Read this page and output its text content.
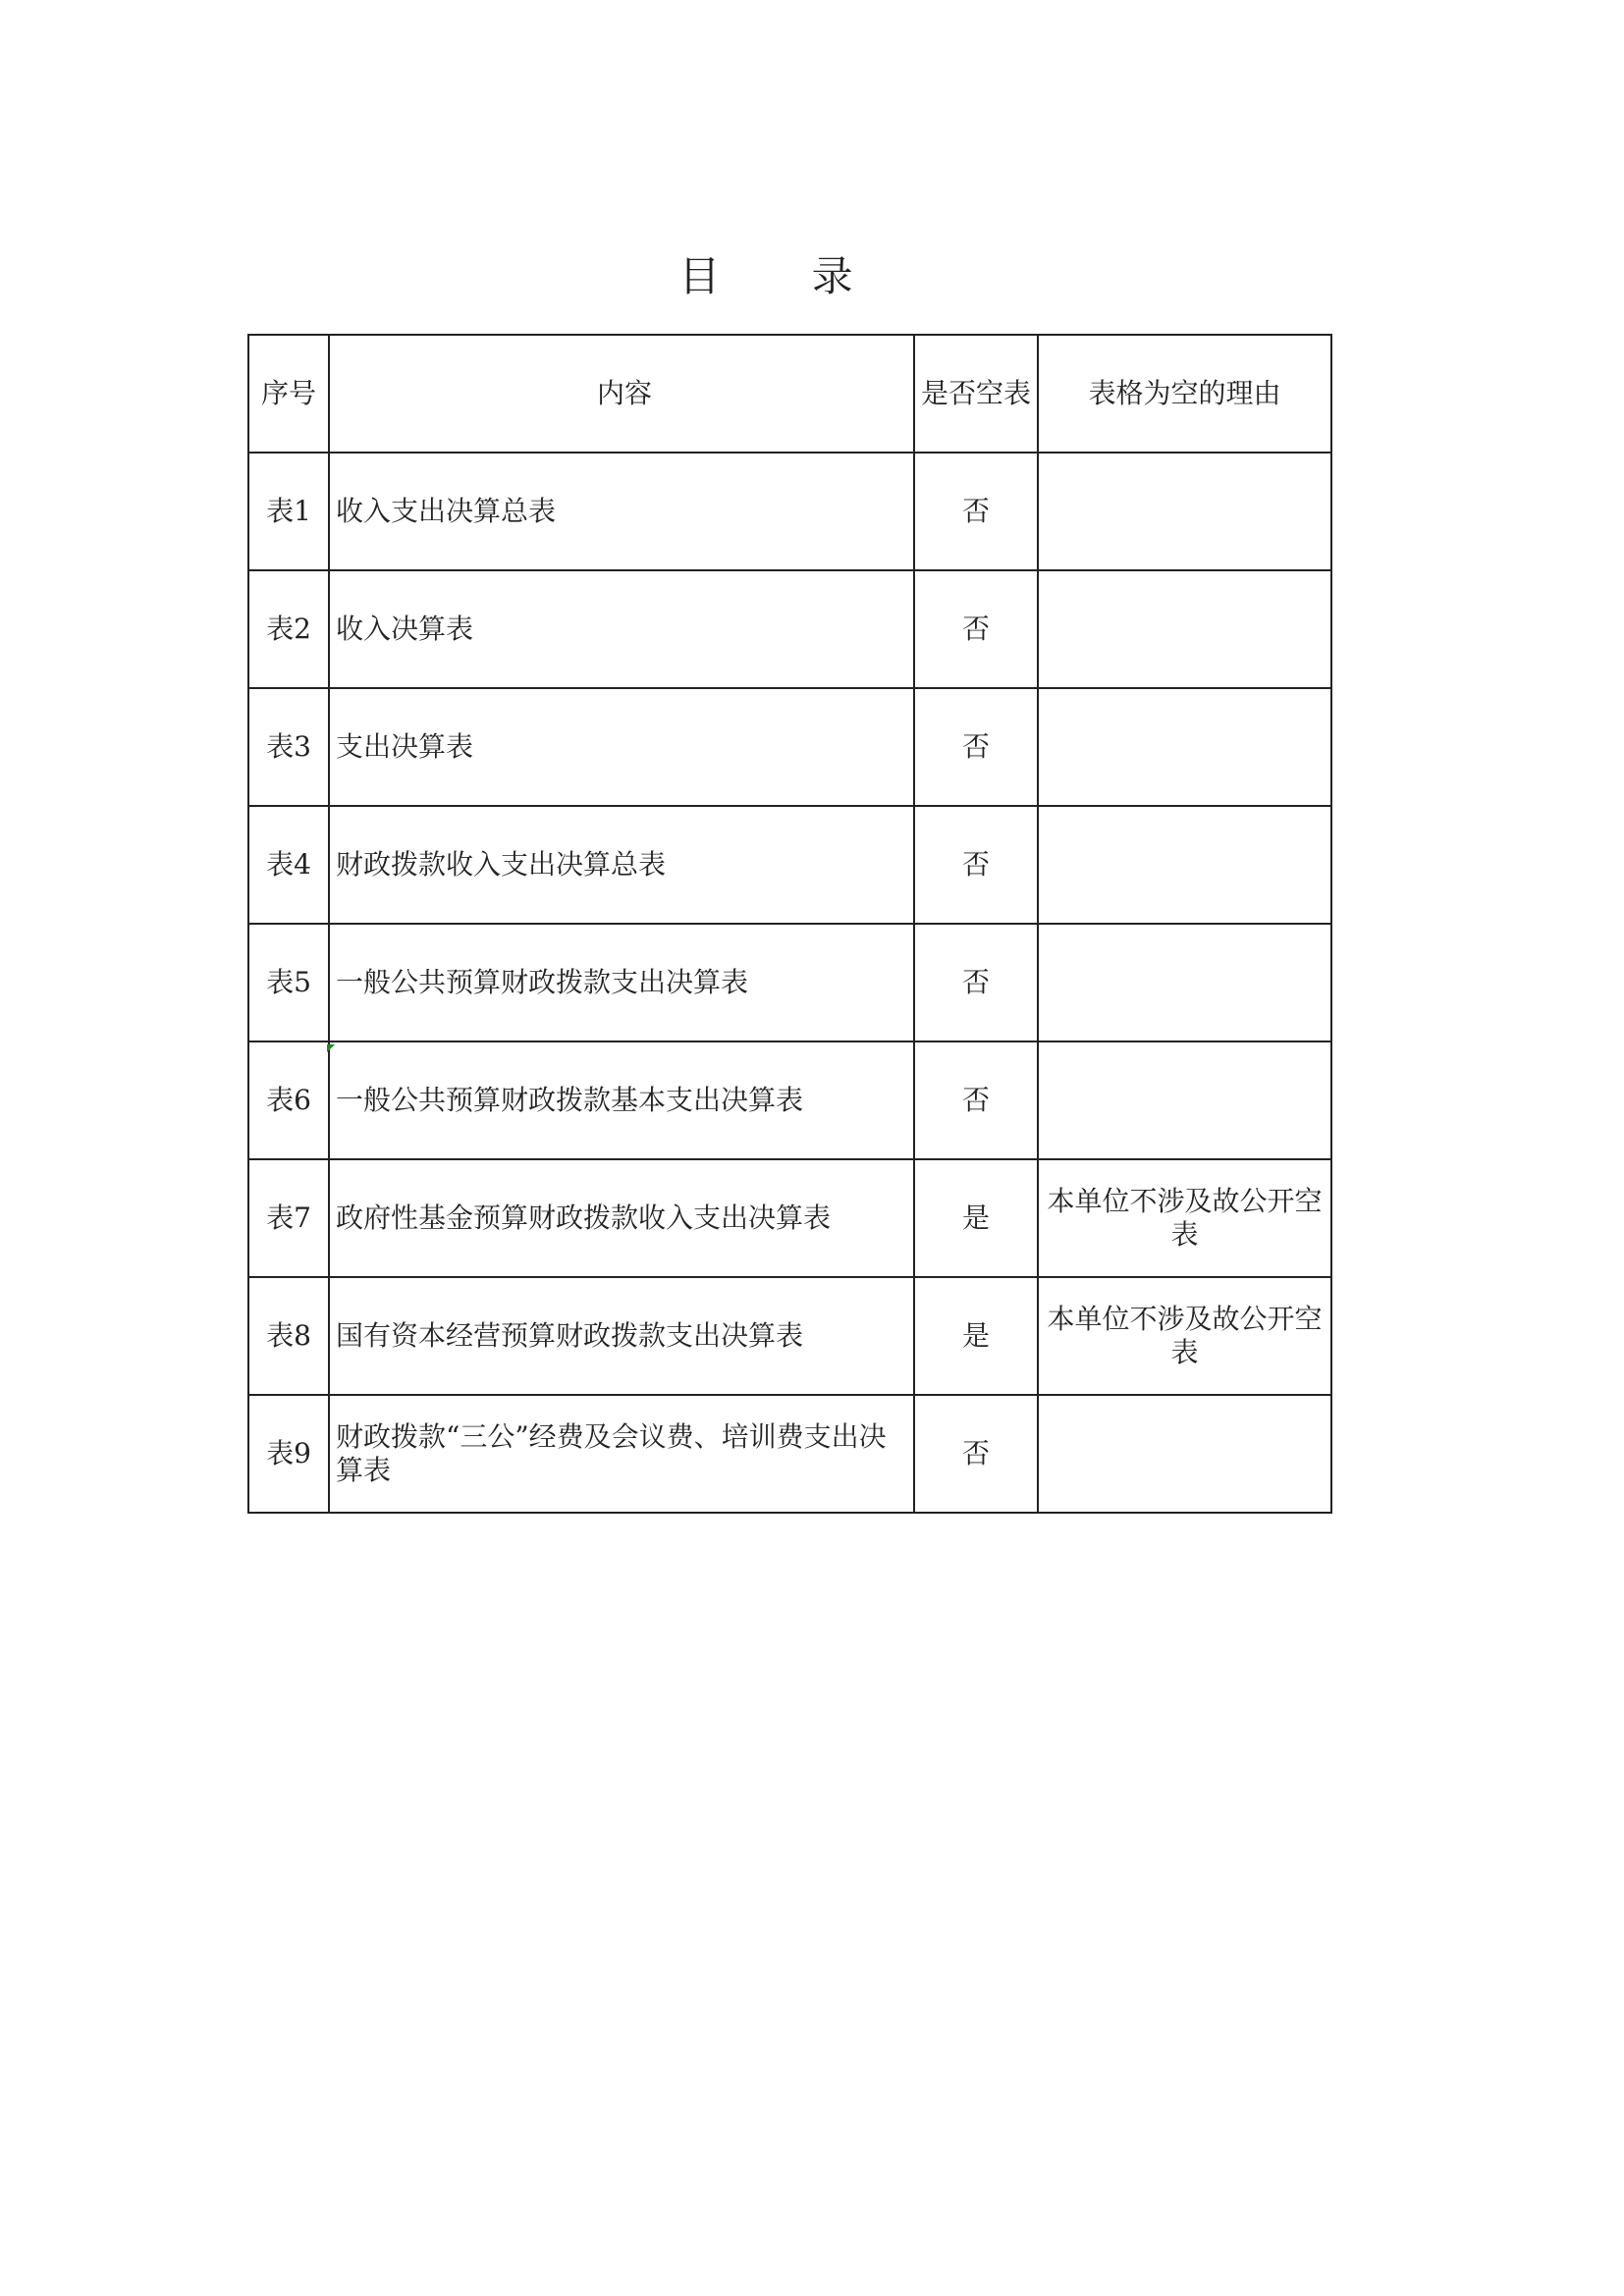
目 录
序号	内容	是否空表	表格为空的理由
表1	收入支出决算总表	否	
表2	收入决算表	否	
表3	支出决算表	否	
表4	财政拨款收入支出决算总表	否	
表5	一般公共预算财政拨款支出决算表	否	
表6	一般公共预算财政拨款基本支出决算表	否	
表7	政府性基金预算财政拨款收入支出决算表	是	本单位不涉及故公开空表
表8	国有资本经营预算财政拨款支出决算表	是	本单位不涉及故公开空表
表9	财政拨款“三公”经费及会议费、培训费支出决算表	否	
